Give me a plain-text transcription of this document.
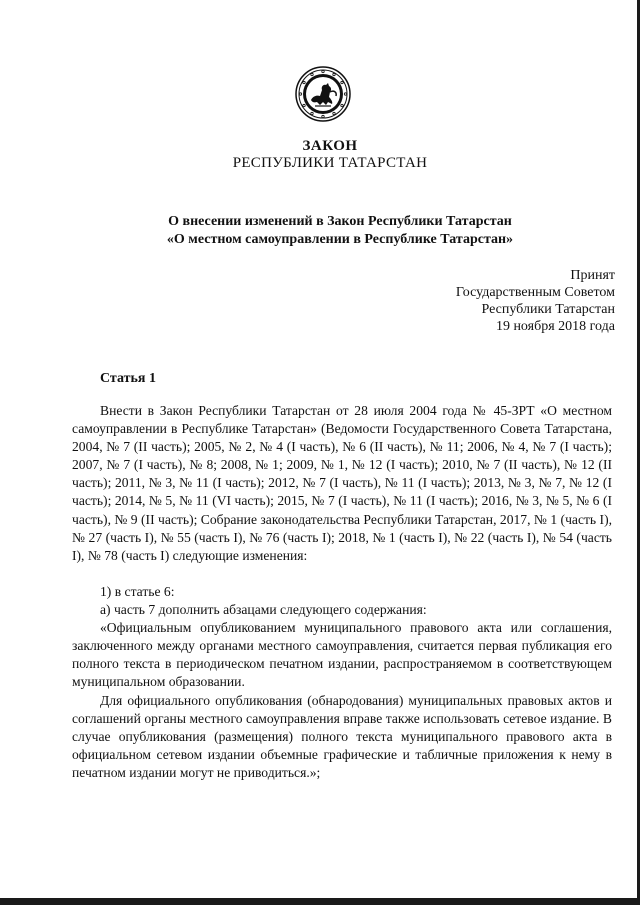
ЗАКОН
РЕСПУБЛИКИ ТАТАРСТАН
О внесении изменений в Закон Республики Татарстан
«О местном самоуправлении в Республике Татарстан»
Принят
Государственным Советом
Республики Татарстан
19 ноября 2018 года
Статья 1

Внести в Закон Республики Татарстан от 28 июля 2004 года № 45-ЗРТ «О местном самоуправлении в Республике Татарстан» (Ведомости Государственного Совета Татарстана, 2004, № 7 (II часть); 2005, № 2, № 4 (I часть), № 6 (II часть), № 11; 2006, № 4, № 7 (I часть); 2007, № 7 (I часть), № 8; 2008, № 1; 2009, № 1, № 12 (I часть); 2010, № 7 (II часть), № 12 (II часть); 2011, № 3, № 11 (I часть); 2012, № 7 (I часть), № 11 (I часть); 2013, № 3, № 7, № 12 (I часть); 2014, № 5, № 11 (VI часть); 2015, № 7 (I часть), № 11 (I часть); 2016, № 3, № 5, № 6 (I часть), № 9 (II часть); Собрание законодательства Республики Татарстан, 2017, № 1 (часть I), № 27 (часть I), № 55 (часть I), № 76 (часть I); 2018, № 1 (часть I), № 22 (часть I), № 54 (часть I), № 78 (часть I) следующие изменения:

1) в статье 6:

а) часть 7 дополнить абзацами следующего содержания:

«Официальным опубликованием муниципального правового акта или соглашения, заключенного между органами местного самоуправления, считается первая публикация его полного текста в периодическом печатном издании, распространяемом в соответствующем муниципальном образовании.

Для официального опубликования (обнародования) муниципальных правовых актов и соглашений органы местного самоуправления вправе также использовать сетевое издание. В случае опубликования (размещения) полного текста муниципального правового акта в официальном сетевом издании объемные графические и табличные приложения к нему в печатном издании могут не приводиться.»;
